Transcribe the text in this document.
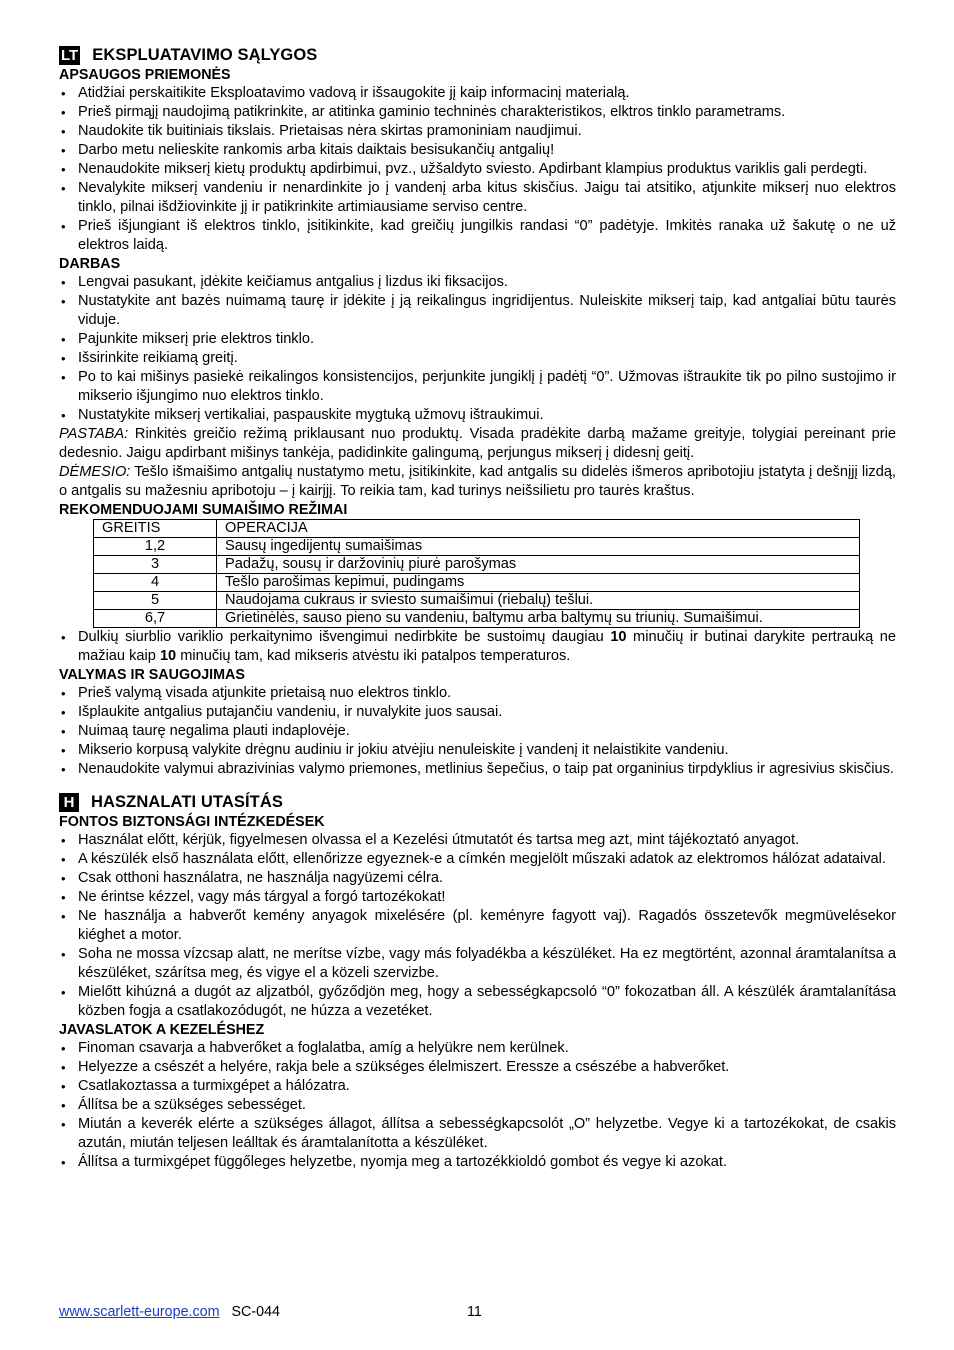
LT EKSPLUATAVIMO SĄLYGOS
APSAUGOS PRIEMONĖS
• Atidžiai perskaitikite Eksploatavimo vadovą ir išsaugokite jį kaip informacinį materialą.
• Prieš pirmąjį naudojimą patikrinkite, ar atitinka gaminio techninės charakteristikos, elktros tinklo parametrams.
• Naudokite tik buitiniais tikslais. Prietaisas nėra skirtas pramoniniam naudjimui.
• Darbo metu nelieskite rankomis arba kitais daiktais besisukančių antgalių!
• Nenaudokite mikserį kietų produktų apdirbimui, pvz., užšaldyto sviesto. Apdirbant klampius produktus variklis gali perdegti.
• Nevalykite mikserį vandeniu ir nenardinkite jo į vandenį arba kitus skisčius. Jaigu tai atsitiko, atjunkite mikserį nuo elektros tinklo, pilnai išdžiovinkite jį ir patikrinkite artimiausiame serviso centre.
• Prieš išjungiant iš elektros tinklo, įsitikinkite, kad greičių jungilkis randasi “0” padėtyje. Imkitės ranaka už šakutę o ne už elektros laidą.
DARBAS
• Lengvai pasukant, įdėkite keičiamus antgalius į lizdus iki fiksacijos.
• Nustatykite ant bazės nuimamą taurę ir įdėkite į ją reikalingus ingridijentus. Nuleiskite mikserį taip, kad antgaliai būtu taurės viduje.
• Pajunkite mikserį prie elektros tinklo.
• Išsirinkite reikiamą greitį.
• Po to kai mišinys pasiekė reikalingos konsistencijos, perjunkite jungiklį į padėtį “0”. Užmovas ištraukite tik po pilno sustojimo ir mikserio išjungimo nuo elektros tinklo.
• Nustatykite mikserį vertikaliai, paspauskite mygtuką užmovų ištraukimui.
PASTABA: Rinkitės greičio režimą priklausant nuo produktų. Visada pradėkite darbą mažame greityje, tolygiai pereinant prie dedesnio. Jaigu apdirbant mišinys tankėja, padidinkite galingumą, perjungus mikserį į didesnį geitį.
DĖMESIO: Tešlo išmaišimo antgalių nustatymo metu, įsitikinkite, kad antgalis su didelės išmeros apribotojiu įstatyta į dešnįjį lizdą, o antgalis su mažesniu apribotoju – į kairįjį. To reikia tam, kad turinys neišsilietu pro taurės kraštus.
REKOMENDUOJAMI SUMAIŠIMO REŽIMAI
GREITIS	OPERACIJA
1,2	Sausų ingedijentų sumaišimas
3	Padažų, sousų ir daržovinių piurė parošymas
4	Tešlo parošimas kepimui, pudingams
5	Naudojama cukraus ir sviesto sumaišimui (riebalų) tešlui.
6,7	Grietinėlės, sauso pieno su vandeniu, baltymu arba baltymų su triunių. Sumaišimui.
• Dulkių siurblio variklio perkaitynimo išvengimui nedirbkite be sustoimų daugiau 10 minučių ir butinai darykite pertrauką ne mažiau kaip 10 minučių tam, kad mikseris atvėstu iki patalpos temperaturos.
VALYMAS IR SAUGOJIMAS
• Prieš valymą visada atjunkite prietaisą nuo elektros tinklo.
• Išplaukite antgalius putajančiu vandeniu, ir nuvalykite juos sausai.
• Nuimaą taurę negalima plauti indaplovėje.
• Mikserio korpusą valykite drėgnu audiniu ir jokiu atvėjiu nenuleiskite į vandenį it nelaistikite vandeniu.
• Nenaudokite valymui abrazivinias valymo priemones, metlinius šepečius, o taip pat organinius tirpdyklius ir agresivius skisčius.
H HASZNALATI UTASÍTÁS
FONTOS BIZTONSÁGI INTÉZKEDÉSEK
• Használat előtt, kérjük, figyelmesen olvassa el a Kezelési útmutatót és tartsa meg azt, mint tájékoztató anyagot.
• A készülék első használata előtt, ellenőrizze egyeznek-e a címkén megjelölt műszaki adatok az elektromos hálózat adataival.
• Csak otthoni használatra, ne használja nagyüzemi célra.
• Ne érintse kézzel, vagy más tárgyal a forgó tartozékokat!
• Ne használja a habverőt kemény anyagok mixelésére (pl. keményre fagyott vaj). Ragadós összetevők megmüvelésekor kiéghet a motor.
• Soha ne mossa vízcsap alatt, ne merítse vízbe, vagy más folyadékba a készüléket. Ha ez megtörtént, azonnal áramtalanítsa a készüléket, szárítsa meg, és vigye el a közeli szervizbe.
• Mielőtt kihúzná a dugót az aljzatból, győződjön meg, hogy a sebességkapcsoló “0” fokozatban áll. A készülék áramtalanítása közben fogja a csatlakozódugót, ne húzza a vezetéket.
JAVASLATOK A KEZELÉSHEZ
• Finoman csavarja a habverőket a foglalatba, amíg a helyükre nem kerülnek.
• Helyezze a csészét a helyére, rakja bele a szükséges élelmiszert. Eressze a csészébe a habverőket.
• Csatlakoztassa a turmixgépet a hálózatra.
• Állítsa be a szükséges sebességet.
• Miután a keverék elérte a szükséges állagot, állítsa a sebességkapcsolót „O” helyzetbe. Vegye ki a tartozékokat, de csakis azután, miután teljesen leálltak és áramtalanította a készüléket.
• Állítsa a turmixgépet függőleges helyzetbe, nyomja meg a tartozékkioldó gombot és vegye ki azokat.
www.scarlett-europe.com SC-044	11
